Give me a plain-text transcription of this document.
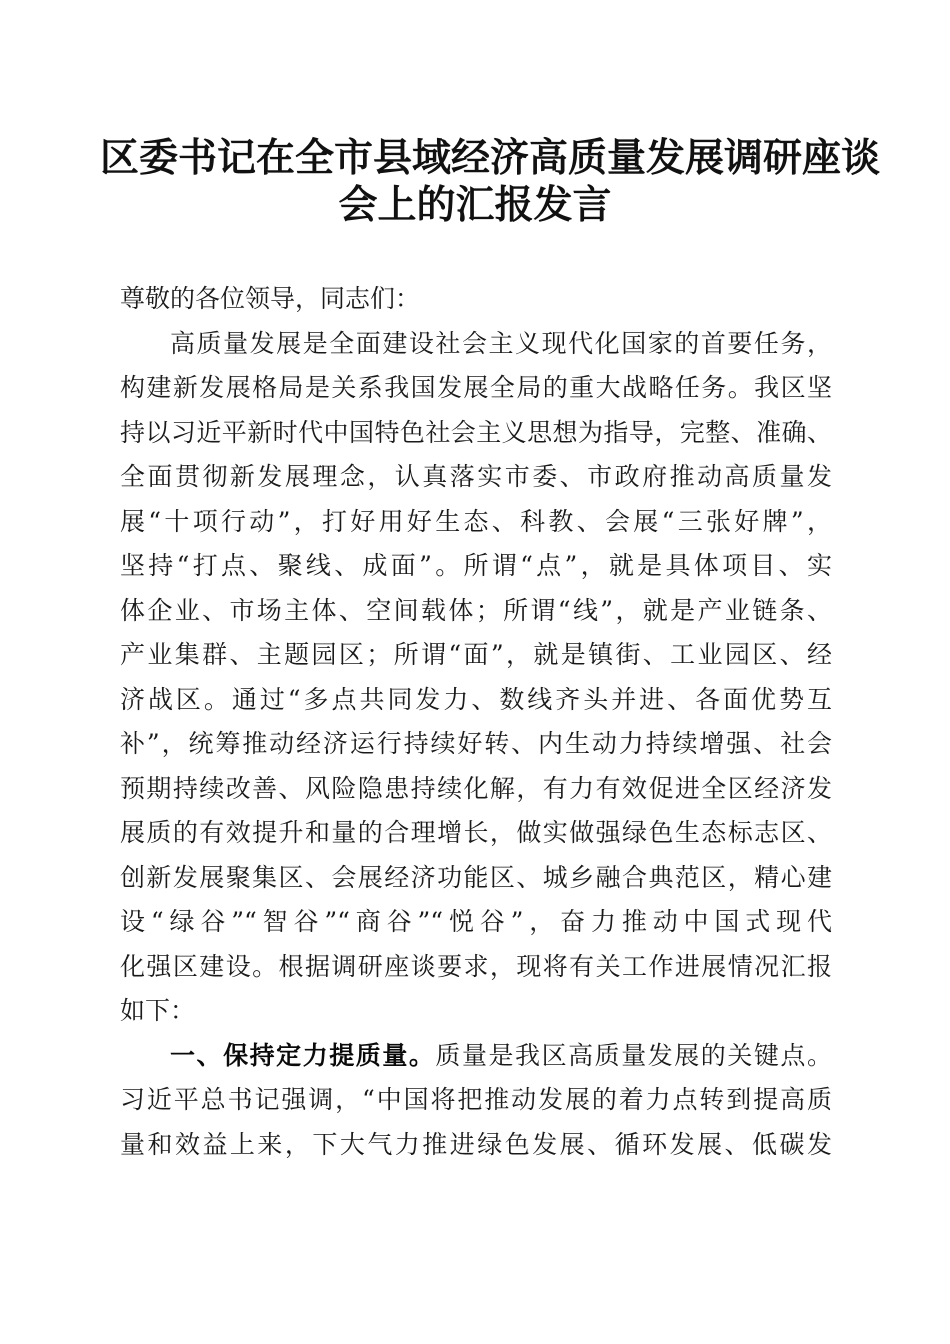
区委书记在全市县域经济高质量发展调研座谈
会上的汇报发言

尊敬的各位领导，同志们：

高质量发展是全面建设社会主义现代化国家的首要任务，

构建新发展格局是关系我国发展全局的重大战略任务。我区坚

持以习近平新时代中国特色社会主义思想为指导，完整、准确、

全面贯彻新发展理念，认真落实市委、市政府推动高质量发

展“十项行动”，打好用好生态、科教、会展“三张好牌”，

坚持“打点、聚线、成面”。所谓“点”，就是具体项目、实

体企业、市场主体、空间载体；所谓“线”，就是产业链条、

产业集群、主题园区；所谓“面”，就是镇街、工业园区、经

济战区。通过“多点共同发力、数线齐头并进、各面优势互

补”，统筹推动经济运行持续好转、内生动力持续增强、社会

预期持续改善、风险隐患持续化解，有力有效促进全区经济发

展质的有效提升和量的合理增长，做实做强绿色生态标志区、

创新发展聚集区、会展经济功能区、城乡融合典范区，精心建

设“绿谷”“智谷”“商谷”“悦谷”，奋力推动中国式现代

化强区建设。根据调研座谈要求，现将有关工作进展情况汇报

如下：

一、保持定力提质量。质量是我区高质量发展的关键点。

习近平总书记强调，“中国将把推动发展的着力点转到提高质

量和效益上来，下大气力推进绿色发展、循环发展、低碳发
